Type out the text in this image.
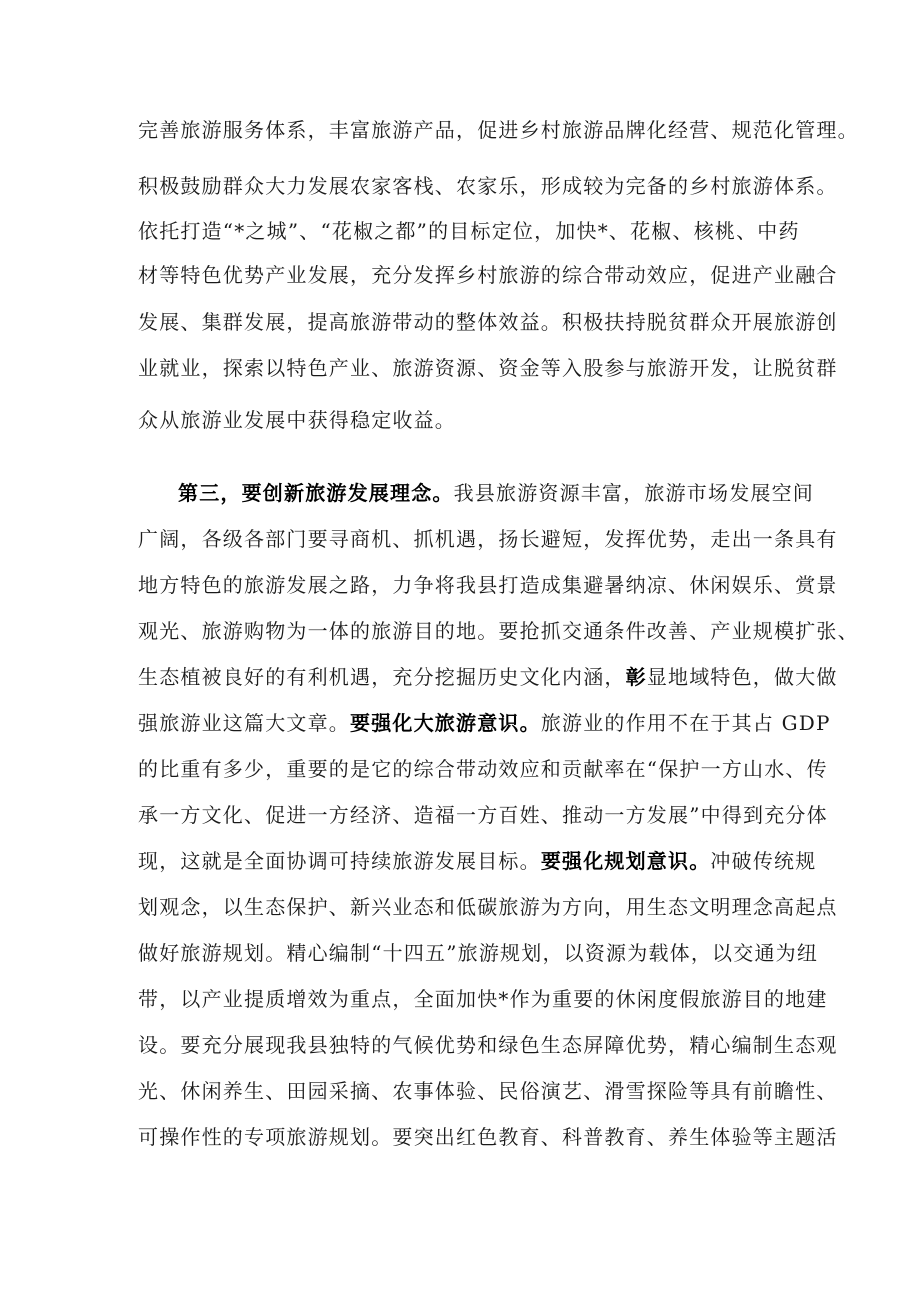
完善旅游服务体系，丰富旅游产品，促进乡村旅游品牌化经营、规范化管理。
积极鼓励群众大力发展农家客栈、农家乐，形成较为完备的乡村旅游体系。
依托打造“*之城”、“花椒之都”的目标定位，加快*、花椒、核桃、中药
材等特色优势产业发展，充分发挥乡村旅游的综合带动效应，促进产业融合
发展、集群发展，提高旅游带动的整体效益。积极扶持脱贫群众开展旅游创
业就业，探索以特色产业、旅游资源、资金等入股参与旅游开发，让脱贫群
众从旅游业发展中获得稳定收益。
第三，要创新旅游发展理念。我县旅游资源丰富，旅游市场发展空间
广阔，各级各部门要寻商机、抓机遇，扬长避短，发挥优势，走出一条具有
地方特色的旅游发展之路，力争将我县打造成集避暑纳凉、休闲娱乐、赏景
观光、旅游购物为一体的旅游目的地。要抢抓交通条件改善、产业规模扩张、
生态植被良好的有利机遇，充分挖掘历史文化内涵，彰显地域特色，做大做
强旅游业这篇大文章。要强化大旅游意识。旅游业的作用不在于其占 GDP
的比重有多少，重要的是它的综合带动效应和贡献率在“保护一方山水、传
承一方文化、促进一方经济、造福一方百姓、推动一方发展”中得到充分体
现，这就是全面协调可持续旅游发展目标。要强化规划意识。冲破传统规
划观念，以生态保护、新兴业态和低碳旅游为方向，用生态文明理念高起点
做好旅游规划。精心编制“十四五”旅游规划，以资源为载体，以交通为纽
带，以产业提质增效为重点，全面加快*作为重要的休闲度假旅游目的地建
设。要充分展现我县独特的气候优势和绿色生态屏障优势，精心编制生态观
光、休闲养生、田园采摘、农事体验、民俗演艺、滑雪探险等具有前瞻性、
可操作性的专项旅游规划。要突出红色教育、科普教育、养生体验等主题活
